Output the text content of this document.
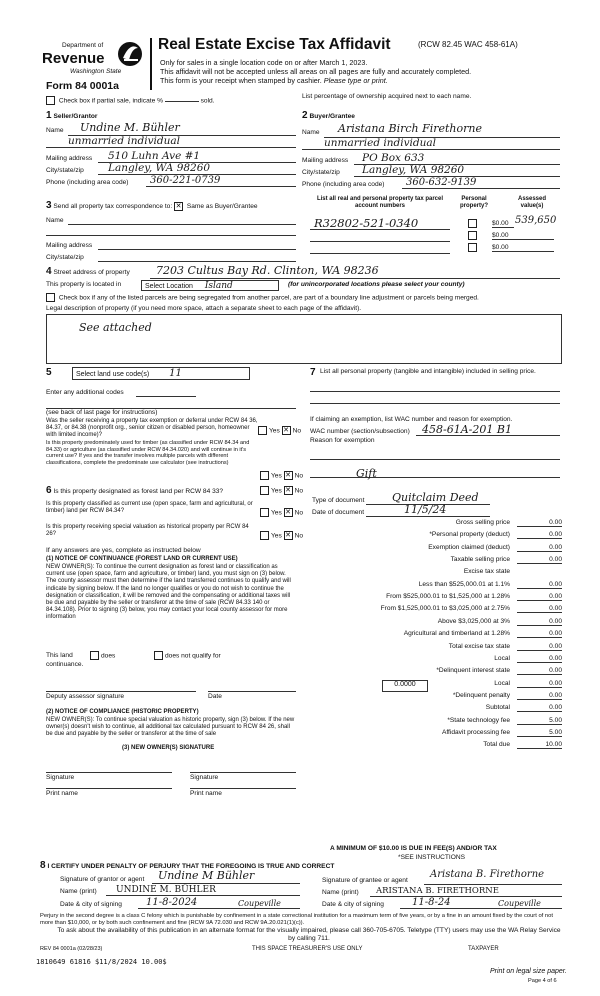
Department of
Revenue
Washington State
Form 84 0001a
Real Estate Excise Tax Affidavit	(RCW 82.45 WAC 458-61A)
Only for sales in a single location code on or after March 1, 2023.
This affidavit will not be accepted unless all areas on all pages are fully and accurately completed.
This form is your receipt when stamped by cashier. Please type or print.
Check box if partial sale, indicate %	sold.
List percentage of ownership acquired next to each name.
1 Seller/Grantor
Name Undine M. Bühler
unmarried individual
Mailing address 510 Luhn Ave #1
City/state/zip Langley, WA 98260
Phone (including area code) 360-221-0739
2 Buyer/Grantee
Name Aristana Birch Firethorne
unmarried individual
Mailing address PO Box 633
City/state/zip Langley, WA 98260
Phone (including area code) 360-632-9139
3 Send all property tax correspondence to: ✕ Same as Buyer/Grantee
Name
Mailing address
City/state/zip
List all real and personal property tax parcel account numbers
Personal property?
Assessed value(s)
R32802-521-0340	$0.00 539,650
$0.00
$0.00
4 Street address of property 7203 Cultus Bay Rd. Clinton, WA 98236
This property is located in	Select Location Island	(for unincorporated locations please select your county)
Check box if any of the listed parcels are being segregated from another parcel, are part of a boundary line adjustment or parcels being merged.
Legal description of property (if you need more space, attach a separate sheet to each page of the affidavit).
See attached
5	Select land use code(s) 11
Enter any additional codes
(see back of last page for instructions)
Was the seller receiving a property tax exemption or deferral under RCW 84 36, 84.37, or 84.38 (nonprofit org., senior citizen or disabled person, homeowner with limited income)?
Yes ✕ No
Is this property predominately used for timber (as classified under RCW 84.34 and 84.33) or agriculture (as classified under RCW 84.34.020) and will continue in it's current use? If yes and the transfer involves multiple parcels with different classifications, complete the predominate use calculator (see instructions)
Yes ✕ No
7 List all personal property (tangible and intangible) included in selling price.
If claiming an exemption, list WAC number and reason for exemption.
WAC number (section/subsection) 458-61A-201 B1
Reason for exemption
Gift
6 Is this property designated as forest land per RCW 84 33?	Yes ✕ No
Is this property classified as current use (open space, farm and agricultural, or timber) land per RCW 84.34?	Yes ✕ No
Is this property receiving special valuation as historical property per RCW 84 26?	Yes ✕ No
If any answers are yes, complete as instructed below
(1) NOTICE OF CONTINUANCE (FOREST LAND OR CURRENT USE)
NEW OWNER(S): To continue the current designation as forest land or classification as current use (open space, farm and agriculture, or timber) land, you must sign on (3) below. The county assessor must then determine if the land transferred continues to qualify and will indicate by signing below. If the land no longer qualifies or you do not wish to continue the designation or classification, it will be removed and the compensating or additional taxes will be due and payable by the seller or transferor at the time of sale (RCW 84.33 140 or 84.34.108). Prior to signing (3) below, you may contact your local county assessor for more information
This land
continuance.
does	does not qualify for
Deputy assessor signature	Date
(2) NOTICE OF COMPLIANCE (HISTORIC PROPERTY)
NEW OWNER(S): To continue special valuation as historic property, sign (3) below. If the new owner(s) doesn't wish to continue, all additional tax calculated pursuant to RCW 84 26, shall be due and payable by the seller or transferor at the time of sale
(3) NEW OWNER(S) SIGNATURE
Signature	Signature
Print name	Print name
Type of document	Quitclaim Deed
Date of document	11/5/24
Gross selling price	0.00
*Personal property (deduct)	0.00
Exemption claimed (deduct)	0.00
Taxable selling price	0.00
Excise tax state
Less than $525,000.01 at 1.1%	0.00
From $525,000.01 to $1,525,000 at 1.28%	0.00
From $1,525,000.01 to $3,025,000 at 2.75%	0.00
Above $3,025,000 at 3%	0.00
Agricultural and timberland at 1.28%	0.00
Total excise tax state	0.00
Local	0.00
*Delinquent interest state	0.00
Local	0.00
*Delinquent penalty	0.00
Subtotal	0.00
*State technology fee	5.00
Affidavit processing fee	5.00
Total due	10.00
0.0000
A MINIMUM OF $10.00 IS DUE IN FEE(S) AND/OR TAX
*SEE INSTRUCTIONS
8 I CERTIFY UNDER PENALTY OF PERJURY THAT THE FOREGOING IS TRUE AND CORRECT
Signature of grantor or agent Undine M Bühler
Name (print) UNDINE M. BÜHLER
Date & city of signing 11-8-2024	Coupeville
Signature of grantee or agent
Aristana B. Firethorne
Name (print) ARISTANA B. FIRETHORNE
Date & city of signing	11-8-24	Coupeville
Perjury in the second degree is a class C felony which is punishable by confinement in a state correctional institution for a maximum term of five years, or by a fine in an amount fixed by the court of not more than $10,000, or by both such confinement and fine (RCW 9A 72.030 and RCW 9A.20.021(1)(c)).
To ask about the availability of this publication in an alternate format for the visually impaired, please call 360-705-6705. Teletype (TTY) users may use the WA Relay Service by calling 711.
REV 84 0001a (02/28/23)	THIS SPACE TREASURER'S USE ONLY	TAXPAYER
1810649 61816 $11/8/2024 10.00$
Print on legal size paper.
Page 4 of 6
